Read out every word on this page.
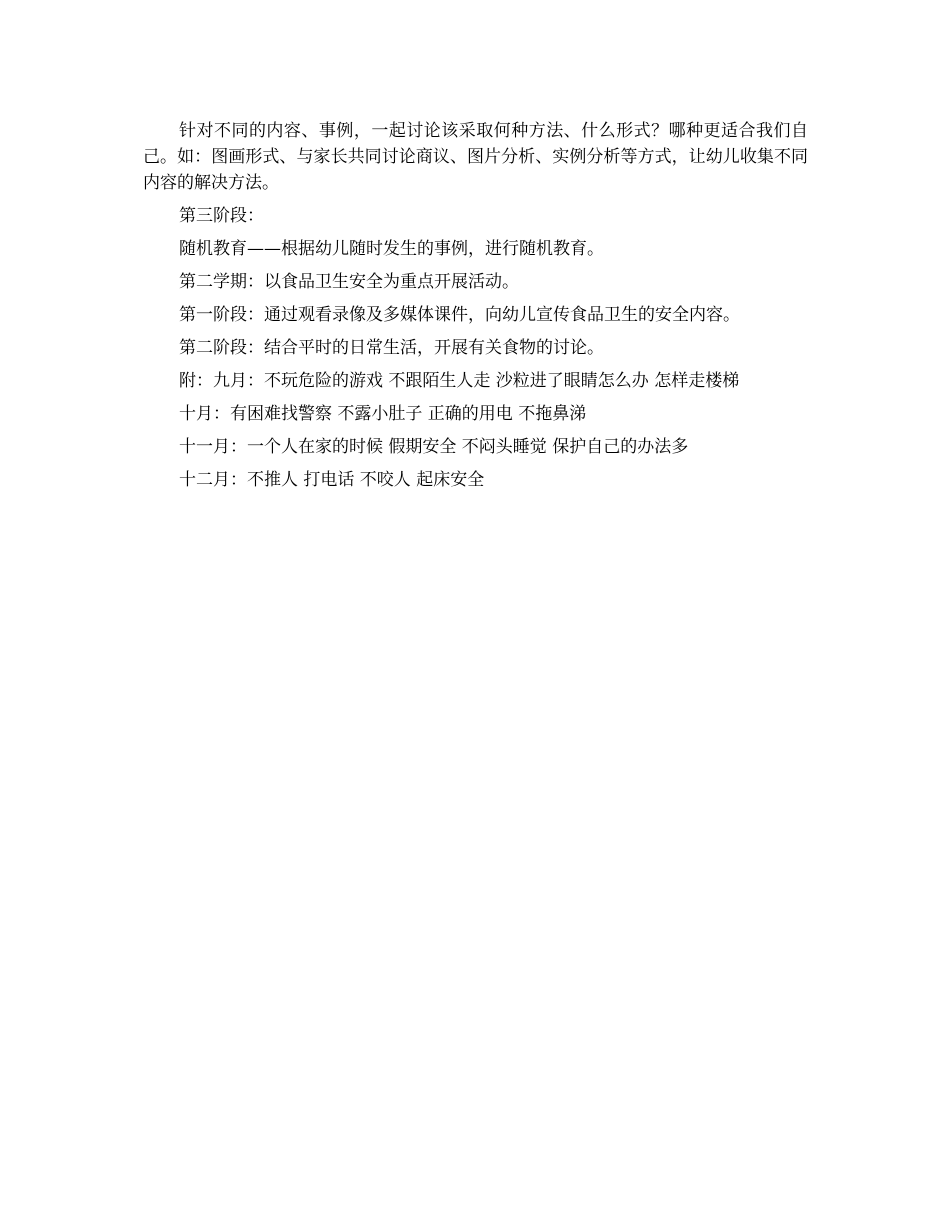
针对不同的内容、事例，一起讨论该采取何种方法、什么形式？哪种更适合我们自己。如：图画形式、与家长共同讨论商议、图片分析、实例分析等方式，让幼儿收集不同内容的解决方法。

第三阶段：

随机教育——根据幼儿随时发生的事例，进行随机教育。

第二学期：以食品卫生安全为重点开展活动。

第一阶段：通过观看录像及多媒体课件，向幼儿宣传食品卫生的安全内容。

第二阶段：结合平时的日常生活，开展有关食物的讨论。

附：九月：不玩危险的游戏 不跟陌生人走 沙粒进了眼睛怎么办 怎样走楼梯

十月：有困难找警察 不露小肚子 正确的用电 不拖鼻涕

十一月：一个人在家的时候 假期安全 不闷头睡觉 保护自己的办法多

十二月：不推人 打电话 不咬人 起床安全
